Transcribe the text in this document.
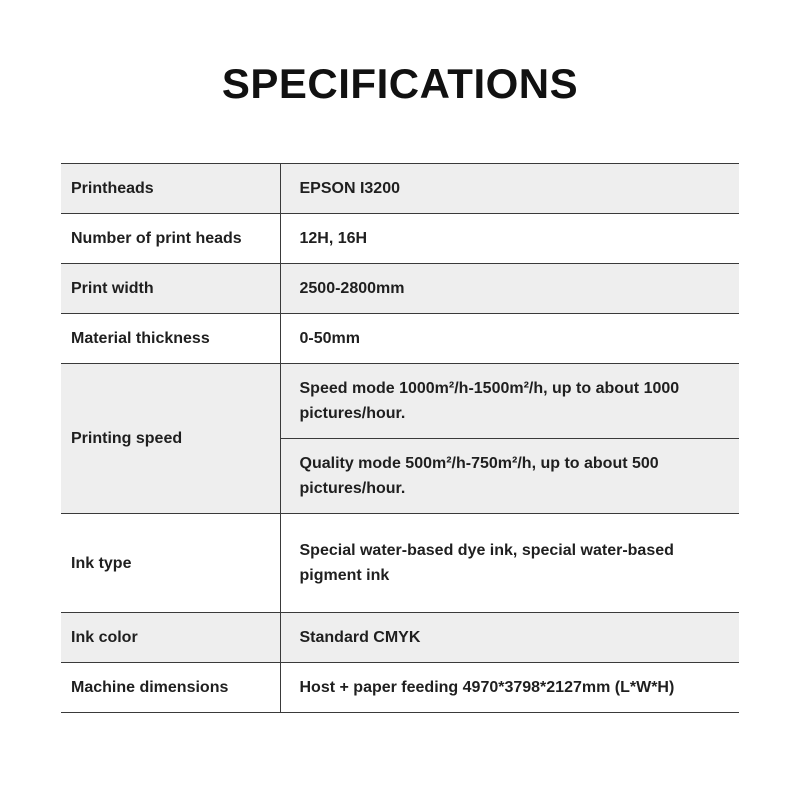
SPECIFICATIONS
Printheads	EPSON I3200
Number of print heads	12H, 16H
Print width	2500-2800mm
Material thickness	0-50mm
Printing speed	Speed mode 1000m²/h-1500m²/h, up to about 1000 pictures/hour.
	Quality mode 500m²/h-750m²/h, up to about 500 pictures/hour.
Ink type	Special water-based dye ink, special water-based pigment ink
Ink color	Standard CMYK
Machine dimensions	Host + paper feeding 4970*3798*2127mm (L*W*H)
